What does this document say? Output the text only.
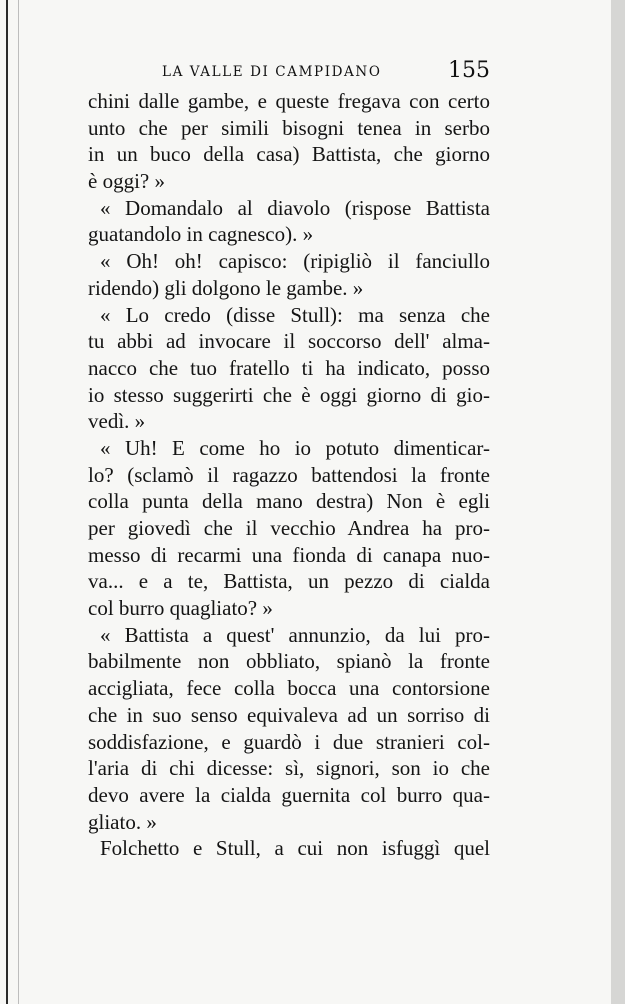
LA VALLE DI CAMPIDANO	155
chini dalle gambe, e queste fregava con certo
unto che per simili bisogni tenea in serbo
in un buco della casa) Battista, che giorno
è oggi? »
« Domandalo al diavolo (rispose Battista
guatandolo in cagnesco). »
« Oh! oh! capisco: (ripigliò il fanciullo
ridendo) gli dolgono le gambe. »
« Lo credo (disse Stull): ma senza che
tu abbi ad invocare il soccorso dell' alma-
nacco che tuo fratello ti ha indicato, posso
io stesso suggerirti che è oggi giorno di gio-
vedì. »
« Uh! E come ho io potuto dimenticar-
lo? (sclamò il ragazzo battendosi la fronte
colla punta della mano destra) Non è egli
per giovedì che il vecchio Andrea ha pro-
messo di recarmi una fionda di canapa nuo-
va... e a te, Battista, un pezzo di cialda
col burro quagliato? »
« Battista a quest' annunzio, da lui pro-
babilmente non obbliato, spianò la fronte
accigliata, fece colla bocca una contorsione
che in suo senso equivaleva ad un sorriso di
soddisfazione, e guardò i due stranieri col-
l'aria di chi dicesse: sì, signori, son io che
devo avere la cialda guernita col burro qua-
gliato. »
Folchetto e Stull, a cui non isfuggì quel
